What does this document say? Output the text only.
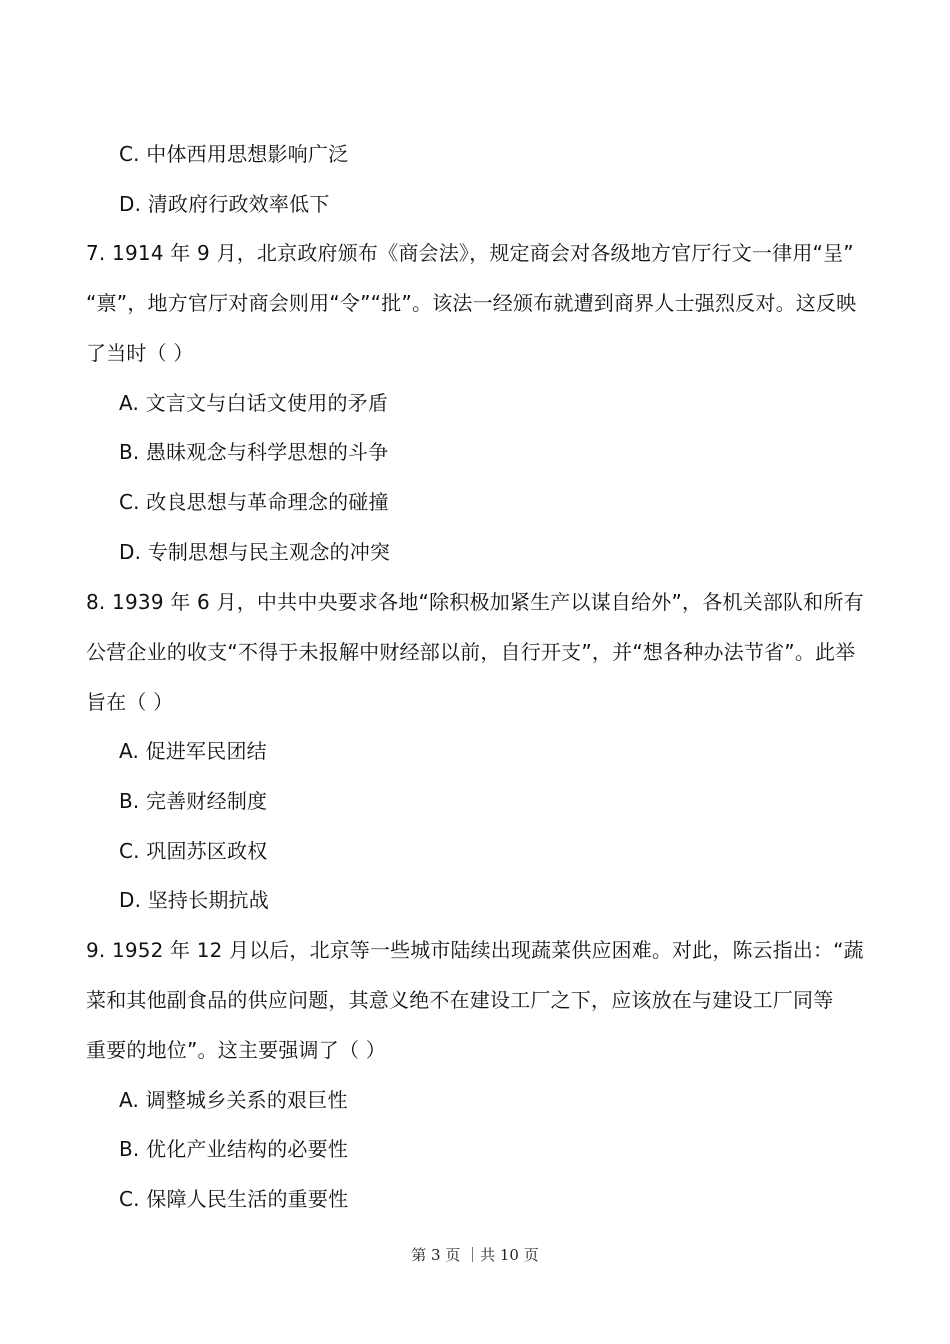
C. 中体西用思想影响广泛
D. 清政府行政效率低下
7. 1914 年 9 月，北京政府颁布《商会法》，规定商会对各级地方官厅行文一律用“呈”
“禀”，地方官厅对商会则用“令”“批”。该法一经颁布就遭到商界人士强烈反对。这反映
了当时（ ）
A. 文言文与白话文使用的矛盾
B. 愚昧观念与科学思想的斗争
C. 改良思想与革命理念的碰撞
D. 专制思想与民主观念的冲突
8. 1939 年 6 月，中共中央要求各地“除积极加紧生产以谋自给外”，各机关部队和所有
公营企业的收支“不得于未报解中财经部以前，自行开支”，并“想各种办法节省”。此举
旨在（ ）
A. 促进军民团结
B. 完善财经制度
C. 巩固苏区政权
D. 坚持长期抗战
9. 1952 年 12 月以后，北京等一些城市陆续出现蔬菜供应困难。对此，陈云指出：“蔬
菜和其他副食品的供应问题，其意义绝不在建设工厂之下，应该放在与建设工厂同等
重要的地位”。这主要强调了（ ）
A. 调整城乡关系的艰巨性
B. 优化产业结构的必要性
C. 保障人民生活的重要性
第 3 页 ｜共 10 页
